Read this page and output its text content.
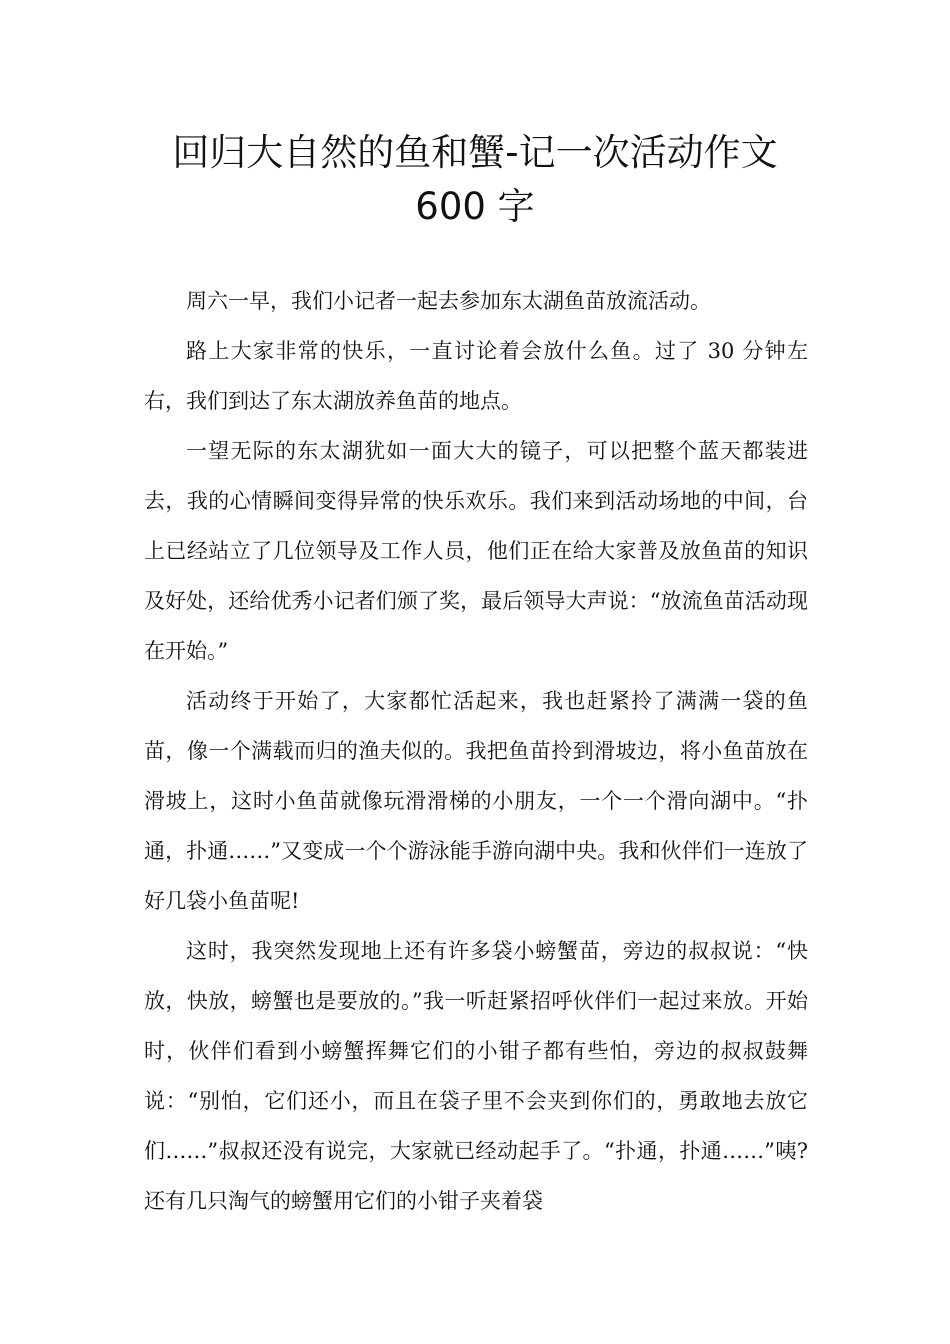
回归大自然的鱼和蟹-记一次活动作文
600 字

周六一早，我们小记者一起去参加东太湖鱼苗放流活动。

路上大家非常的快乐，一直讨论着会放什么鱼。过了 30 分钟左右，我们到达了东太湖放养鱼苗的地点。

一望无际的东太湖犹如一面大大的镜子，可以把整个蓝天都装进去，我的心情瞬间变得异常的快乐欢乐。我们来到活动场地的中间，台上已经站立了几位领导及工作人员，他们正在给大家普及放鱼苗的知识及好处，还给优秀小记者们颁了奖，最后领导大声说：“放流鱼苗活动现在开始。”

活动终于开始了，大家都忙活起来，我也赶紧拎了满满一袋的鱼苗，像一个满载而归的渔夫似的。我把鱼苗拎到滑坡边，将小鱼苗放在滑坡上，这时小鱼苗就像玩滑滑梯的小朋友，一个一个滑向湖中。“扑通，扑通……”又变成一个个游泳能手游向湖中央。我和伙伴们一连放了好几袋小鱼苗呢!

这时，我突然发现地上还有许多袋小螃蟹苗，旁边的叔叔说：“快放，快放，螃蟹也是要放的。”我一听赶紧招呼伙伴们一起过来放。开始时，伙伴们看到小螃蟹挥舞它们的小钳子都有些怕，旁边的叔叔鼓舞说：“别怕，它们还小，而且在袋子里不会夹到你们的，勇敢地去放它们……”叔叔还没有说完，大家就已经动起手了。“扑通，扑通……”咦?还有几只淘气的螃蟹用它们的小钳子夹着袋
